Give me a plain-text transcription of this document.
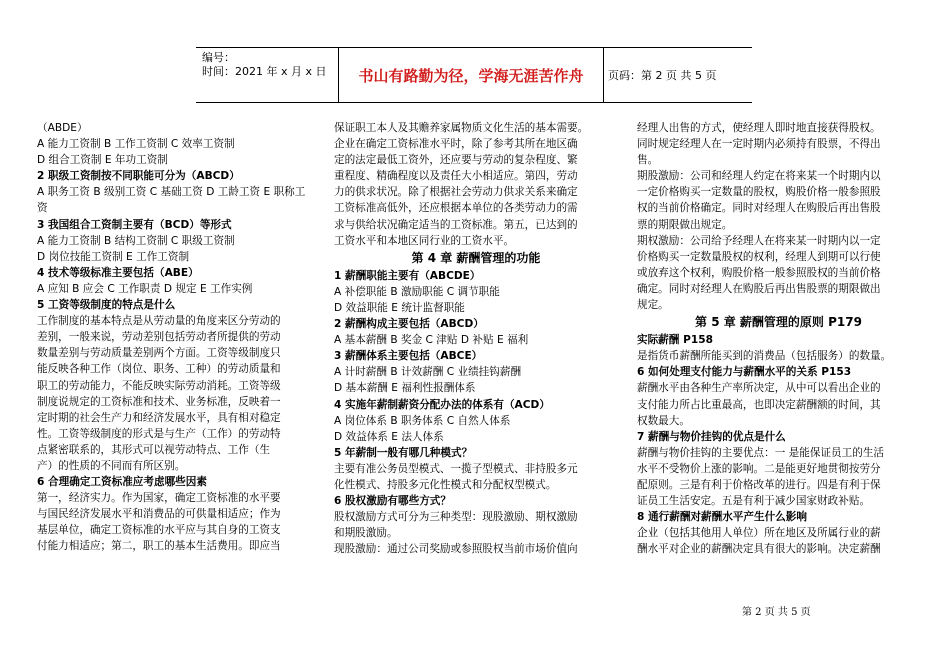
编号：
时间：2021 年 x 月 x 日	书山有路勤为径，学海无涯苦作舟	页码：第 2 页 共 5 页

（ABDE）

A 能力工资制 B 工作工资制 C 效率工资制

D 组合工资制 E 年功工资制

2 职级工资制按不同职能可分为（ABCD）

A 职务工资 B 级别工资 C 基础工资 D 工龄工资 E 职称工

资

3 我国组合工资制主要有（BCD）等形式

A 能力工资制 B 结构工资制 C 职级工资制

D 岗位技能工资制 E 工作工资制

4 技术等级标准主要包括（ABE）

A 应知 B 应会 C 工作职责 D 规定 E 工作实例

5 工资等级制度的特点是什么

工作制度的基本特点是从劳动量的角度来区分劳动的

差别，一般来说，劳动差别包括劳动者所提供的劳动

数量差别与劳动质量差别两个方面。工资等级制度只

能反映各种工作（岗位、职务、工种）的劳动质量和

职工的劳动能力，不能反映实际劳动消耗。工资等级

制度说规定的工资标准和技术、业务标准，反映着一

定时期的社会生产力和经济发展水平，具有相对稳定

性。工资等级制度的形式是与生产（工作）的劳动特

点紧密联系的，其形式可以视劳动特点、工作（生

产）的性质的不同而有所区别。

6 合理确定工资标准应考虑哪些因素

第一，经济实力。作为国家，确定工资标准的水平要

与国民经济发展水平和消费品的可供量相适应；作为

基层单位，确定工资标准的水平应与其自身的工资支

付能力相适应；第二，职工的基本生活费用。即应当

保证职工本人及其赡养家属物质文化生活的基本需要。

企业在确定工资标准水平时，除了参考其所在地区确

定的法定最低工资外，还应要与劳动的复杂程度、繁

重程度、精确程度以及责任大小相适应。第四，劳动

力的供求状况。除了根据社会劳动力供求关系来确定

工资标准高低外，还应根据本单位的各类劳动力的需

求与供给状况确定适当的工资标准。第五，已达到的

工资水平和本地区同行业的工资水平。

第 4 章 薪酬管理的功能

1 薪酬职能主要有（ABCDE）

A 补偿职能 B 激励职能 C 调节职能

D 效益职能 E 统计监督职能

2 薪酬构成主要包括（ABCD）

A 基本薪酬 B 奖金 C 津贴 D 补贴 E 福利

3 薪酬体系主要包括（ABCE）

A 计时薪酬 B 计效薪酬 C 业绩挂钩薪酬

D 基本薪酬 E 福利性报酬体系

4 实施年薪制薪资分配办法的体系有（ACD）

A 岗位体系 B 职务体系 C 自然人体系

D 效益体系 E 法人体系

5 年薪制一般有哪几种模式？

主要有准公务员型模式、一揽子型模式、非持股多元

化性模式、持股多元化性模式和分配权型模式。

6 股权激励有哪些方式？

股权激励方式可分为三种类型：现股激励、期权激励

和期股激励。

现股激励：通过公司奖励或参照股权当前市场价值向

经理人出售的方式，使经理人即时地直接获得股权。

同时规定经理人在一定时期内必须持有股票，不得出

售。

期股激励：公司和经理人约定在将来某一个时期内以

一定价格购买一定数量的股权，购股价格一般参照股

权的当前价格确定。同时对经理人在购股后再出售股

票的期限做出规定。

期权激励：公司给予经理人在将来某一时期内以一定

价格购买一定数量股权的权利，经理人到期可以行使

或放弃这个权利，购股价格一般参照股权的当前价格

确定。同时对经理人在购股后再出售股票的期限做出

规定。

第 5 章 薪酬管理的原则 P179

实际薪酬 P158

是指货币薪酬所能买到的消费品（包括服务）的数量。

6 如何处理支付能力与薪酬水平的关系 P153

薪酬水平由各种生产率所决定，从中可以看出企业的

支付能力所占比重最高，也即决定薪酬额的时间，其

权数最大。

7 薪酬与物价挂钩的优点是什么

薪酬与物价挂钩的主要优点：一 是能保证员工的生活

水平不受物价上涨的影响。二是能更好地贯彻按劳分

配原则。三是有利于价格改革的进行。四是有利于保

证员工生活安定。五是有利于减少国家财政补贴。

8 通行薪酬对薪酬水平产生什么影响

企业（包括其他用人单位）所在地区及所属行业的薪

酬水平对企业的薪酬决定具有很大的影响。决定薪酬

第 2 页 共 5 页
